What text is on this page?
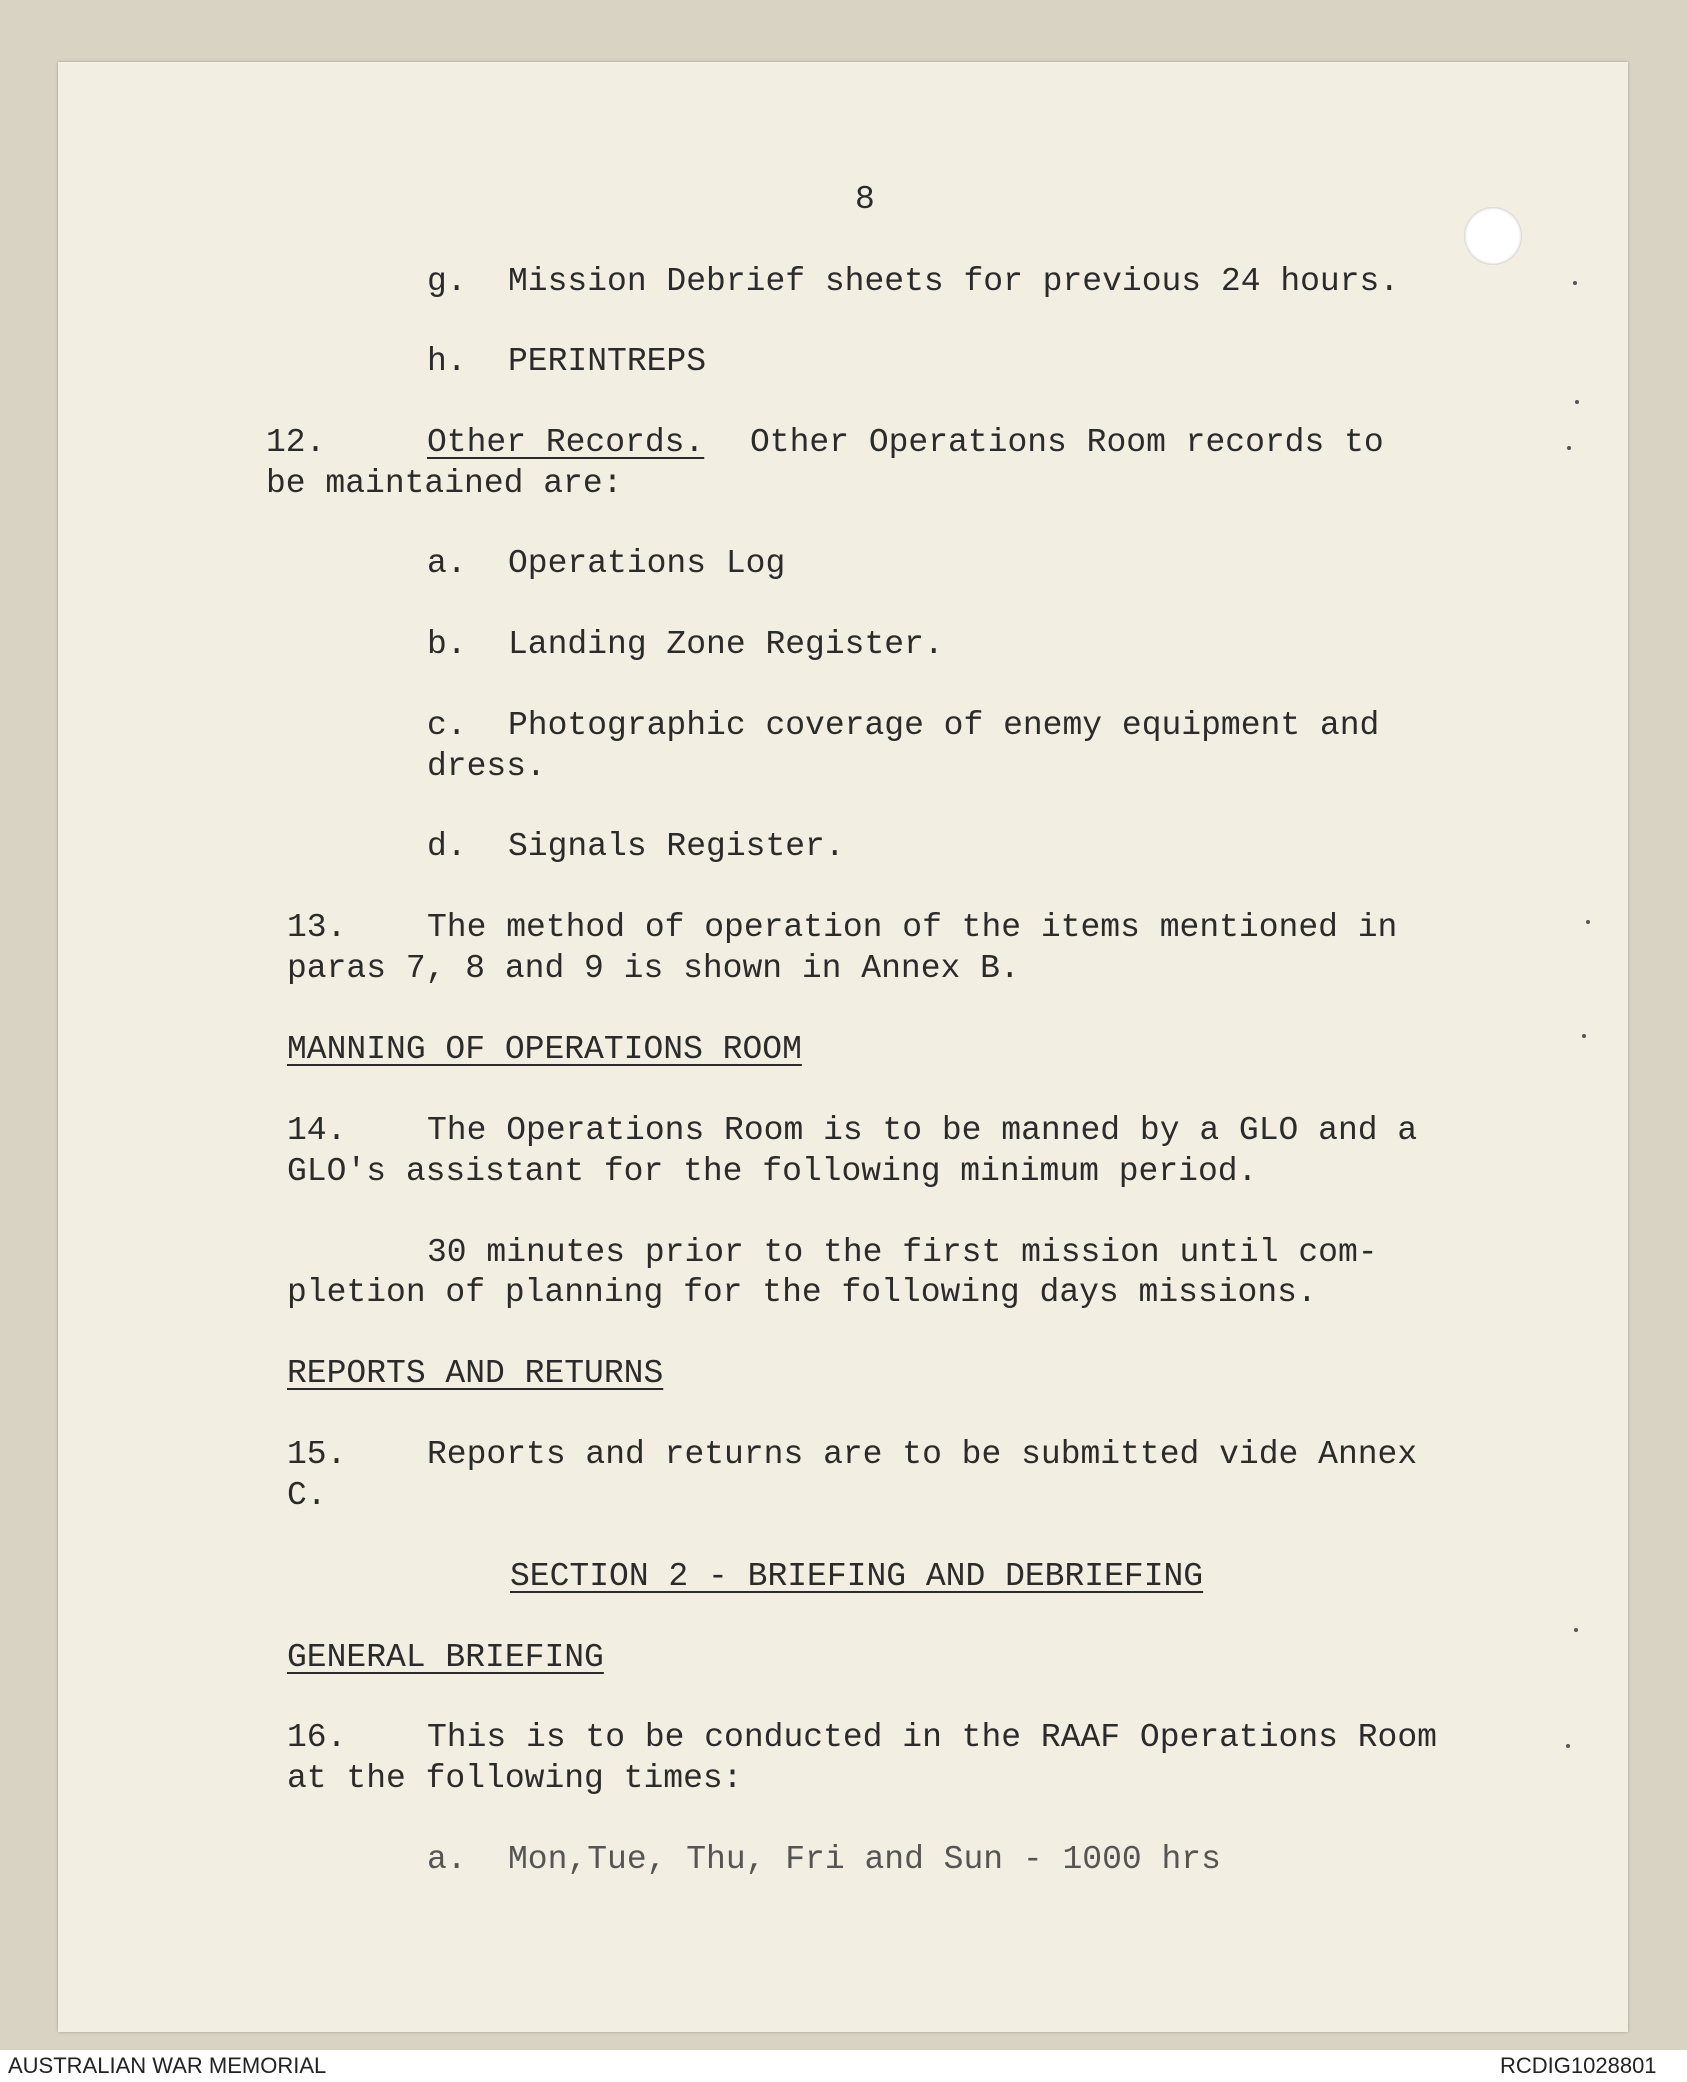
8

g. Mission Debrief sheets for previous 24 hours.

h. PERINTREPS

12.	Other Records. Other Operations Room records to

be maintained are:

a. Operations Log

b. Landing Zone Register.

c. Photographic coverage of enemy equipment and

dress.

d. Signals Register.

13. The method of operation of the items mentioned in

paras 7, 8 and 9 is shown in Annex B.

MANNING OF OPERATIONS ROOM

14. The Operations Room is to be manned by a GLO and a

GLO's assistant for the following minimum period.

30 minutes prior to the first mission until com-

pletion of planning for the following days missions.

REPORTS AND RETURNS

15. Reports and returns are to be submitted vide Annex

C.

SECTION 2 - BRIEFING AND DEBRIEFING

GENERAL BRIEFING

16. This is to be conducted in the RAAF Operations Room

at the following times:

a. Mon,Tue, Thu, Fri and Sun - 1000 hrs

AUSTRALIAN WAR MEMORIAL	RCDIG1028801
